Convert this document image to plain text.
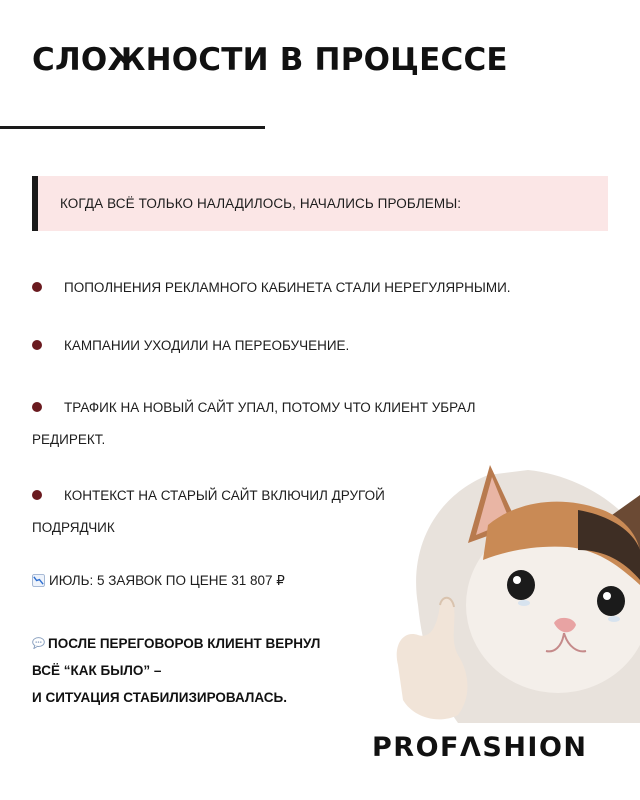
СЛОЖНОСТИ В ПРОЦЕССЕ
КОГДА ВСЁ ТОЛЬКО НАЛАДИЛОСЬ, НАЧАЛИСЬ ПРОБЛЕМЫ:
ПОПОЛНЕНИЯ РЕКЛАМНОГО КАБИНЕТА СТАЛИ НЕРЕГУЛЯРНЫМИ.
КАМПАНИИ УХОДИЛИ НА ПЕРЕОБУЧЕНИЕ.
ТРАФИК НА НОВЫЙ САЙТ УПАЛ, ПОТОМУ ЧТО КЛИЕНТ УБРАЛ
РЕДИРЕКТ.
КОНТЕКСТ НА СТАРЫЙ САЙТ ВКЛЮЧИЛ ДРУГОЙ
ПОДРЯДЧИК
ИЮЛЬ: 5 ЗАЯВОК ПО ЦЕНЕ 31 807 ₽
ПОСЛЕ ПЕРЕГОВОРОВ КЛИЕНТ ВЕРНУЛ
ВСЁ “КАК БЫЛО” –
И СИТУАЦИЯ СТАБИЛИЗИРОВАЛАСЬ.
PROFΛSHION
